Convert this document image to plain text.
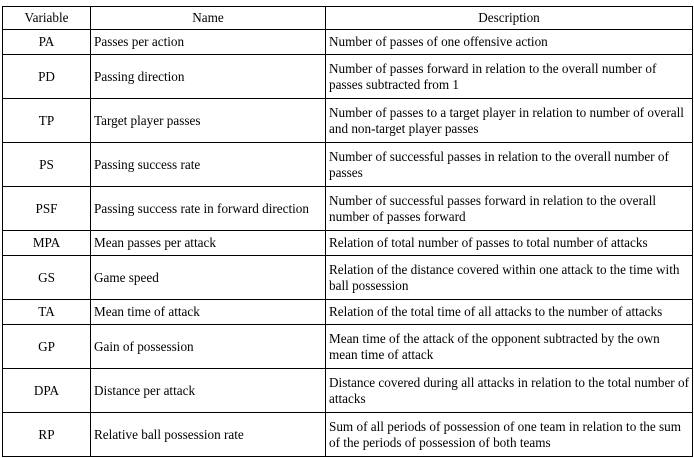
Variable	Name	Description
PA	Passes per action	Number of passes of one offensive action
PD	Passing direction	Number of passes forward in relation to the overall number of passes subtracted from 1
TP	Target player passes	Number of passes to a target player in relation to number of overall and non-target player passes
PS	Passing success rate	Number of successful passes in relation to the overall number of passes
PSF	Passing success rate in forward direction	Number of successful passes forward in relation to the overall number of passes forward
MPA	Mean passes per attack	Relation of total number of passes to total number of attacks
GS	Game speed	Relation of the distance covered within one attack to the time with ball possession
TA	Mean time of attack	Relation of the total time of all attacks to the number of attacks
GP	Gain of possession	Mean time of the attack of the opponent subtracted by the own mean time of attack
DPA	Distance per attack	Distance covered during all attacks in relation to the total number of attacks
RP	Relative ball possession rate	Sum of all periods of possession of one team in relation to the sum of the periods of possession of both teams
